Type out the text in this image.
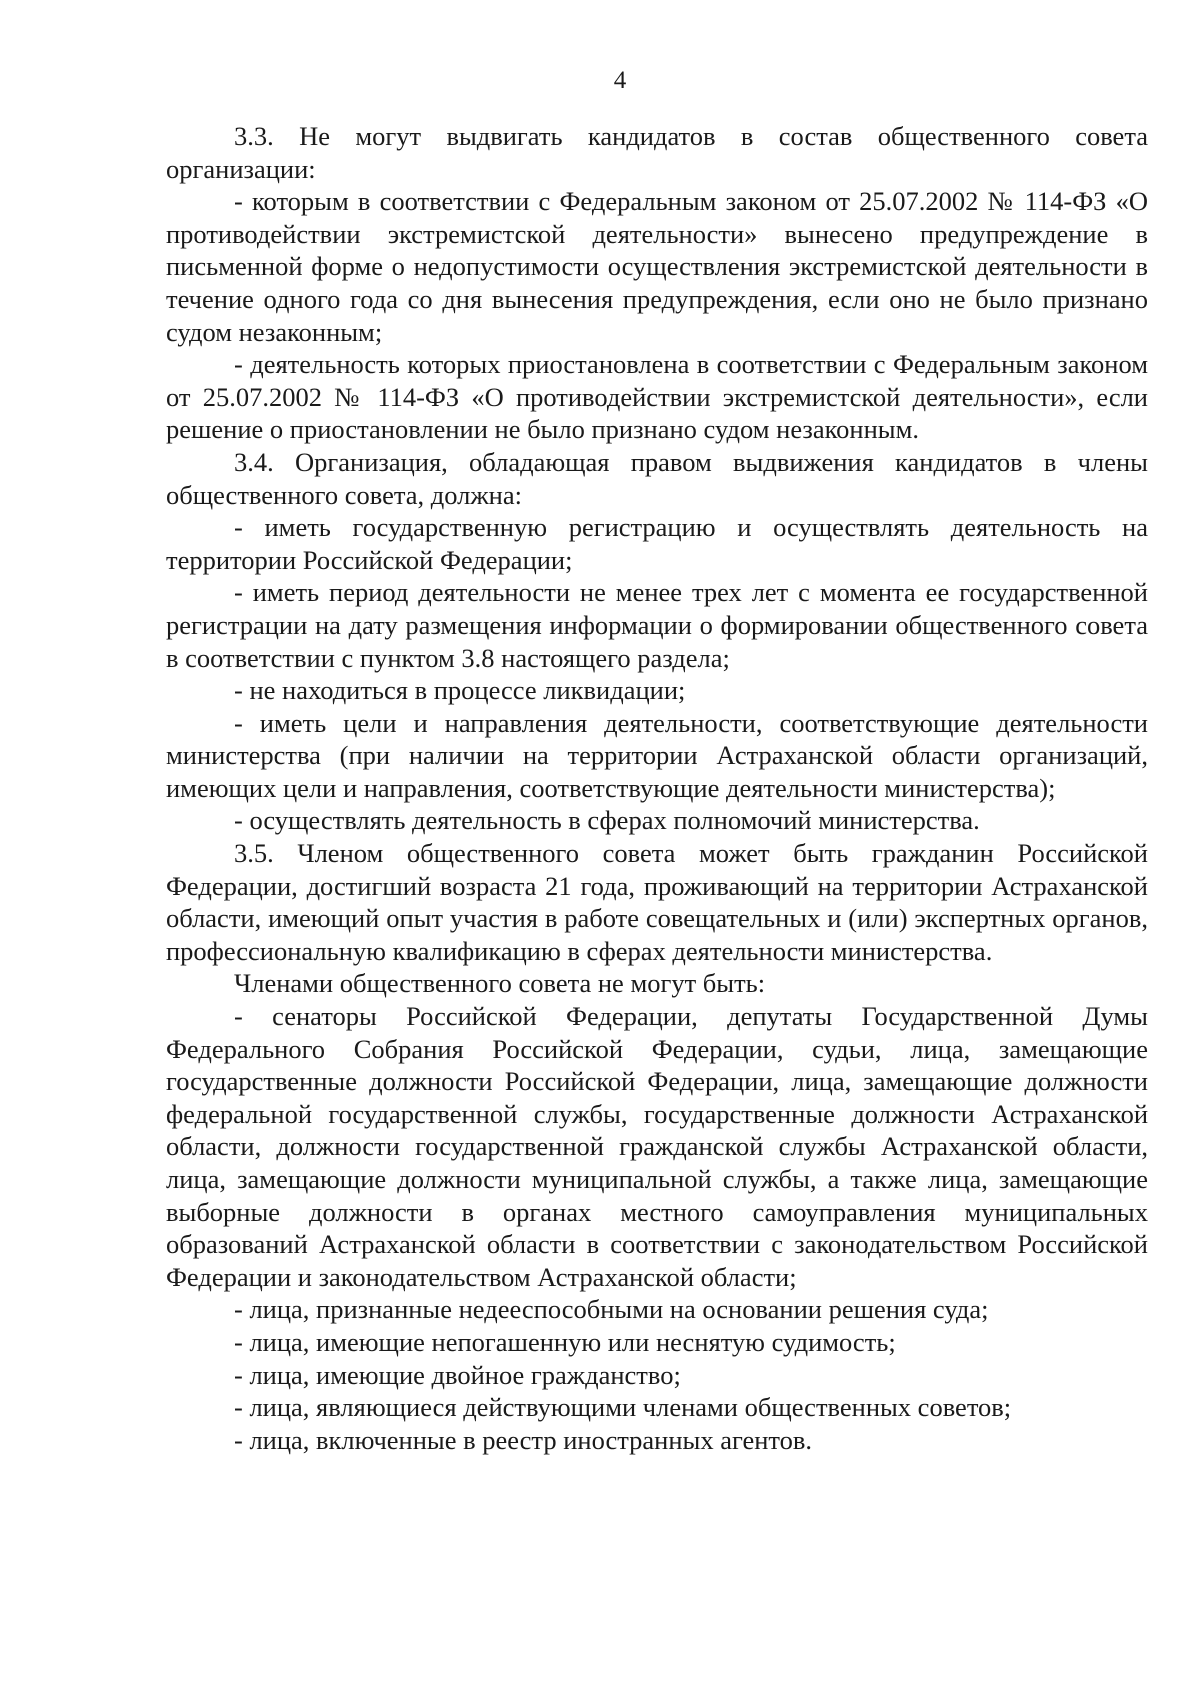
4

3.3. Не могут выдвигать кандидатов в состав общественного совета организации:

- которым в соответствии с Федеральным законом от 25.07.2002 № 114-ФЗ «О противодействии экстремистской деятельности» вынесено предупреждение в письменной форме о недопустимости осуществления экстремистской деятельности в течение одного года со дня вынесения предупреждения, если оно не было признано судом незаконным;

- деятельность которых приостановлена в соответствии с Федеральным законом от 25.07.2002 № 114-ФЗ «О противодействии экстремистской деятельности», если решение о приостановлении не было признано судом незаконным.

3.4. Организация, обладающая правом выдвижения кандидатов в члены общественного совета, должна:

- иметь государственную регистрацию и осуществлять деятельность на территории Российской Федерации;

- иметь период деятельности не менее трех лет с момента ее государственной регистрации на дату размещения информации о формировании общественного совета в соответствии с пунктом 3.8 настоящего раздела;

- не находиться в процессе ликвидации;

- иметь цели и направления деятельности, соответствующие деятельности министерства (при наличии на территории Астраханской области организаций, имеющих цели и направления, соответствующие деятельности министерства);

- осуществлять деятельность в сферах полномочий министерства.

3.5. Членом общественного совета может быть гражданин Российской Федерации, достигший возраста 21 года, проживающий на территории Астраханской области, имеющий опыт участия в работе совещательных и (или) экспертных органов, профессиональную квалификацию в сферах деятельности министерства.

Членами общественного совета не могут быть:

- сенаторы Российской Федерации, депутаты Государственной Думы Федерального Собрания Российской Федерации, судьи, лица, замещающие государственные должности Российской Федерации, лица, замещающие должности федеральной государственной службы, государственные должности Астраханской области, должности государственной гражданской службы Астраханской области, лица, замещающие должности муниципальной службы, а также лица, замещающие выборные должности в органах местного самоуправления муниципальных образований Астраханской области в соответствии с законодательством Российской Федерации и законодательством Астраханской области;

- лица, признанные недееспособными на основании решения суда;

- лица, имеющие непогашенную или неснятую судимость;

- лица, имеющие двойное гражданство;

- лица, являющиеся действующими членами общественных советов;

- лица, включенные в реестр иностранных агентов.
